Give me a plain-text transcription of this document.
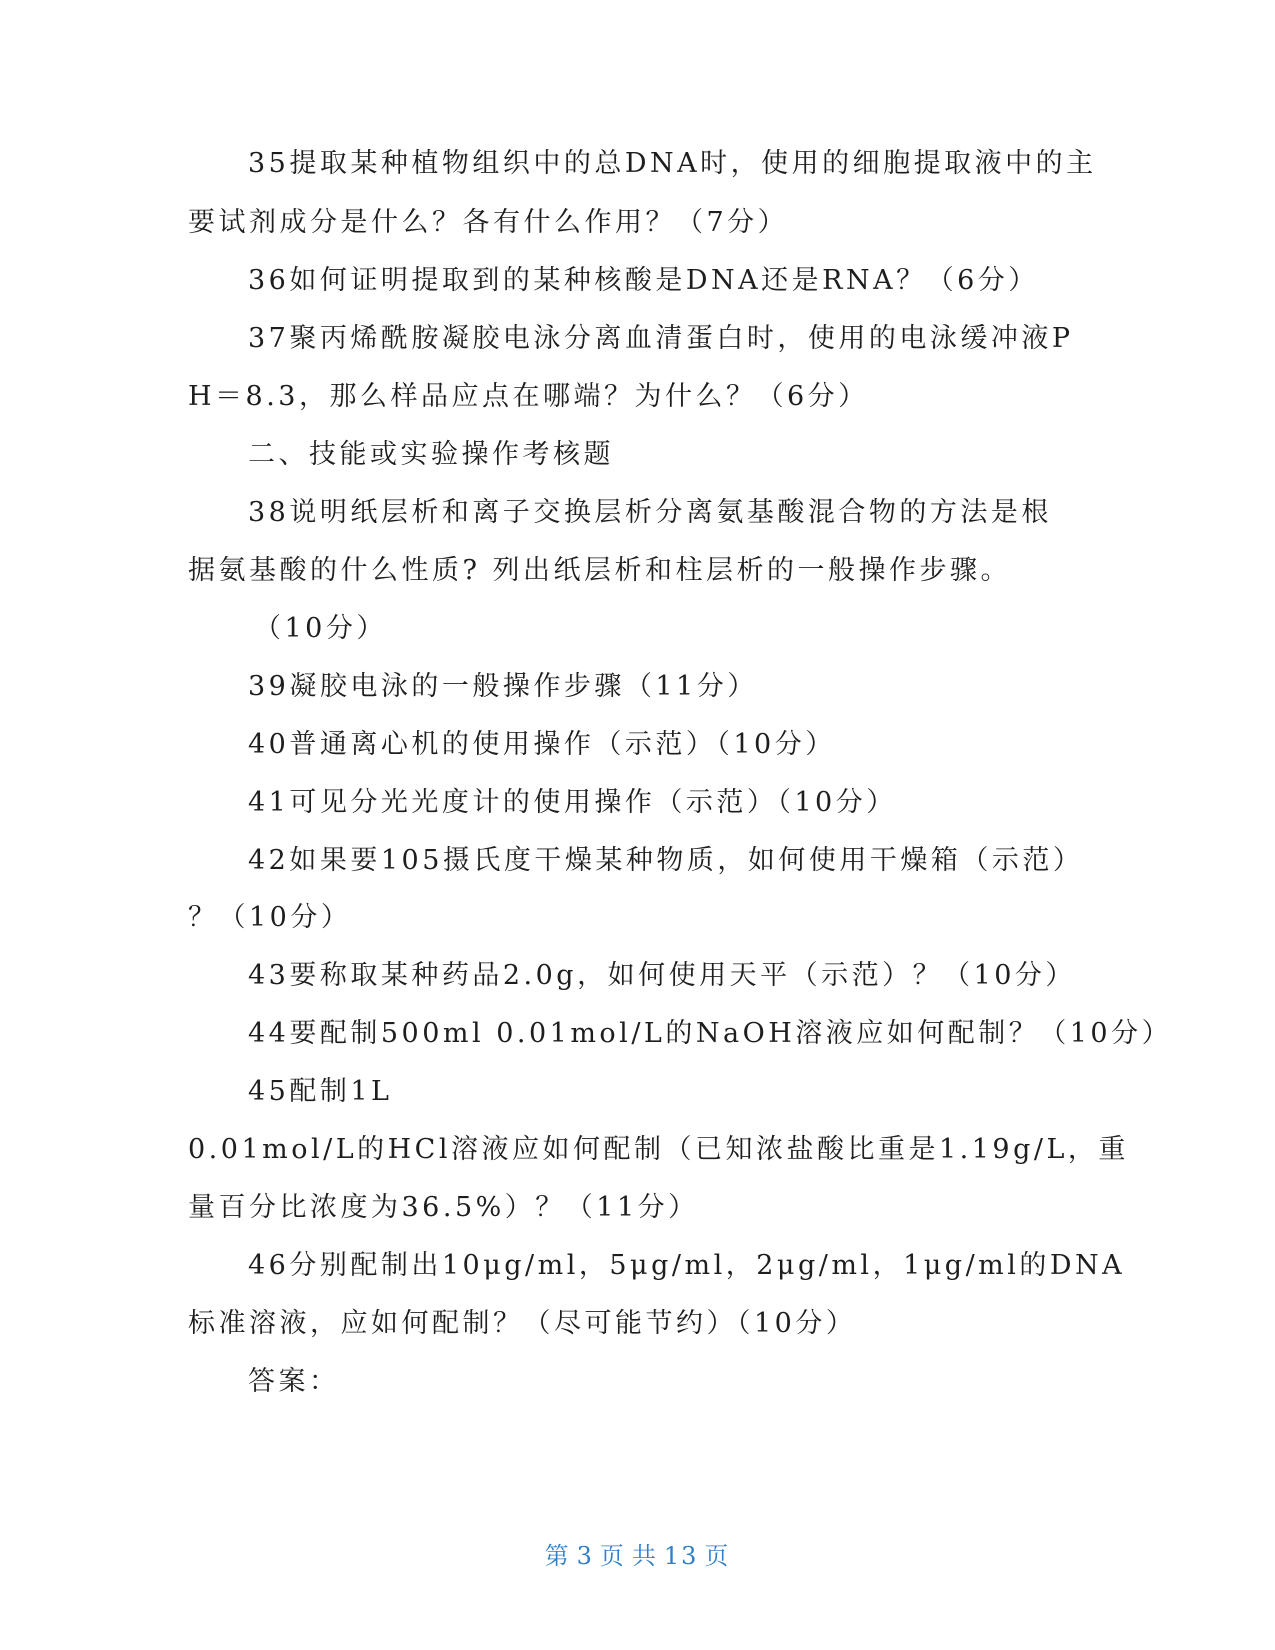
35提取某种植物组织中的总DNA时，使用的细胞提取液中的主
要试剂成分是什么？各有什么作用？（7分）
36如何证明提取到的某种核酸是DNA还是RNA？（6分）
37聚丙烯酰胺凝胶电泳分离血清蛋白时，使用的电泳缓冲液P
H＝8.3，那么样品应点在哪端？为什么？（6分）
二、技能或实验操作考核题
38说明纸层析和离子交换层析分离氨基酸混合物的方法是根
据氨基酸的什么性质? 列出纸层析和柱层析的一般操作步骤。
（10分）
39凝胶电泳的一般操作步骤（11分）
40普通离心机的使用操作（示范）（10分）
41可见分光光度计的使用操作（示范）（10分）
42如果要105摄氏度干燥某种物质，如何使用干燥箱（示范）
？（10分）
43要称取某种药品2.0g，如何使用天平（示范）？（10分）
44要配制500ml 0.01mol/L的NaOH溶液应如何配制？（10分）
45配制1L
0.01mol/L的HCl溶液应如何配制（已知浓盐酸比重是1.19g/L，重
量百分比浓度为36.5%）？（11分）
46分别配制出10μg/ml，5μg/ml，2μg/ml，1μg/ml的DNA
标准溶液，应如何配制？（尽可能节约）（10分）
答案：
第 3 页 共 13 页
